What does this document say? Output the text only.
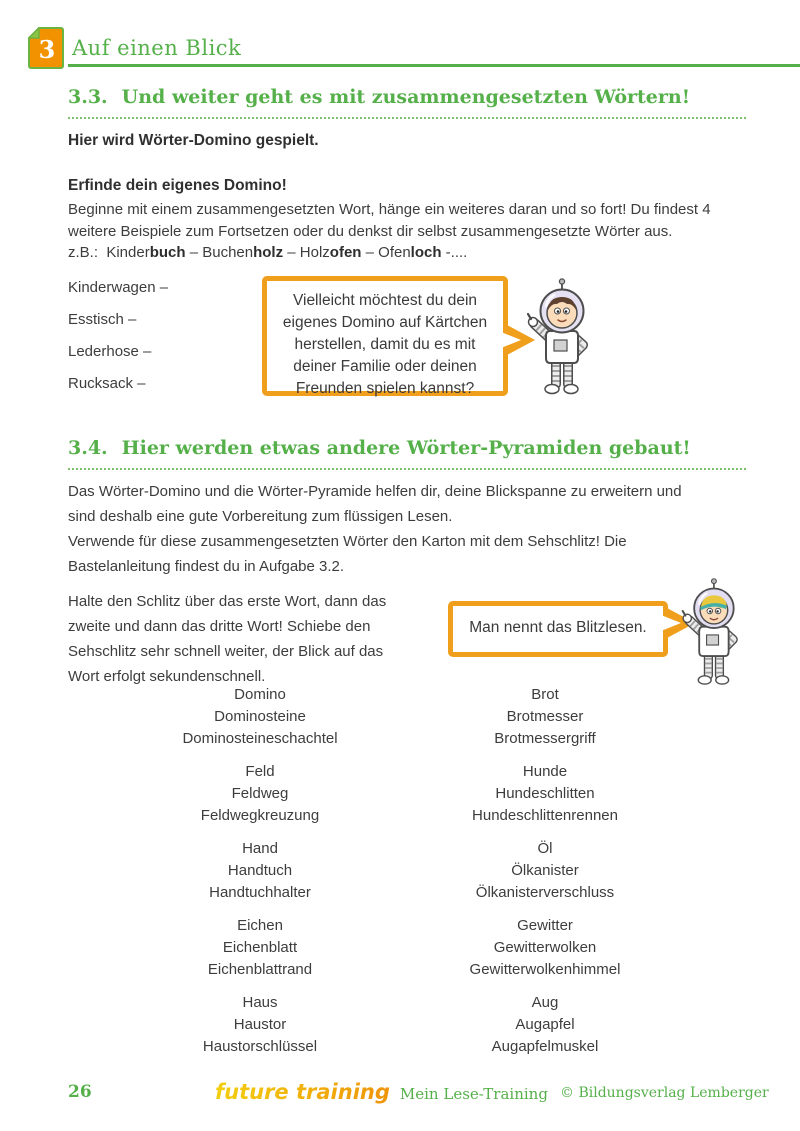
3 Auf einen Blick
3.3. Und weiter geht es mit zusammengesetzten Wörtern!
Hier wird Wörter-Domino gespielt.
Erfinde dein eigenes Domino!
Beginne mit einem zusammengesetzten Wort, hänge ein weiteres daran und so fort! Du findest 4
weitere Beispiele zum Fortsetzen oder du denkst dir selbst zusammengesetzte Wörter aus.
z.B.:  Kinderbuch – Buchenholz – Holzofen – Ofenloch -....
Kinderwagen –
Esstisch –
Lederhose –
Rucksack –
Vielleicht möchtest du dein
eigenes Domino auf Kärtchen
herstellen, damit du es mit
deiner Familie oder deinen
Freunden spielen kannst?
3.4. Hier werden etwas andere Wörter-Pyramiden gebaut!
Das Wörter-Domino und die Wörter-Pyramide helfen dir, deine Blickspanne zu erweitern und
sind deshalb eine gute Vorbereitung zum flüssigen Lesen.
Verwende für diese zusammengesetzten Wörter den Karton mit dem Sehschlitz! Die
Bastelanleitung findest du in Aufgabe 3.2.
Halte den Schlitz über das erste Wort, dann das
zweite und dann das dritte Wort! Schiebe den
Sehschlitz sehr schnell weiter, der Blick auf das
Wort erfolgt sekundenschnell.
Man nennt das Blitzlesen.
Domino
Dominosteine
Dominosteineschachtel
Feld
Feldweg
Feldwegkreuzung
Hand
Handtuch
Handtuchhalter
Eichen
Eichenblatt
Eichenblattrand
Haus
Haustor
Haustorschlüssel
Brot
Brotmesser
Brotmessergriff
Hunde
Hundeschlitten
Hundeschlittenrennen
Öl
Ölkanister
Ölkanisterverschluss
Gewitter
Gewitterwolken
Gewitterwolkenhimmel
Aug
Augapfel
Augapfelmuskel
26	future training Mein Lese-Training © Bildungsverlag Lemberger
